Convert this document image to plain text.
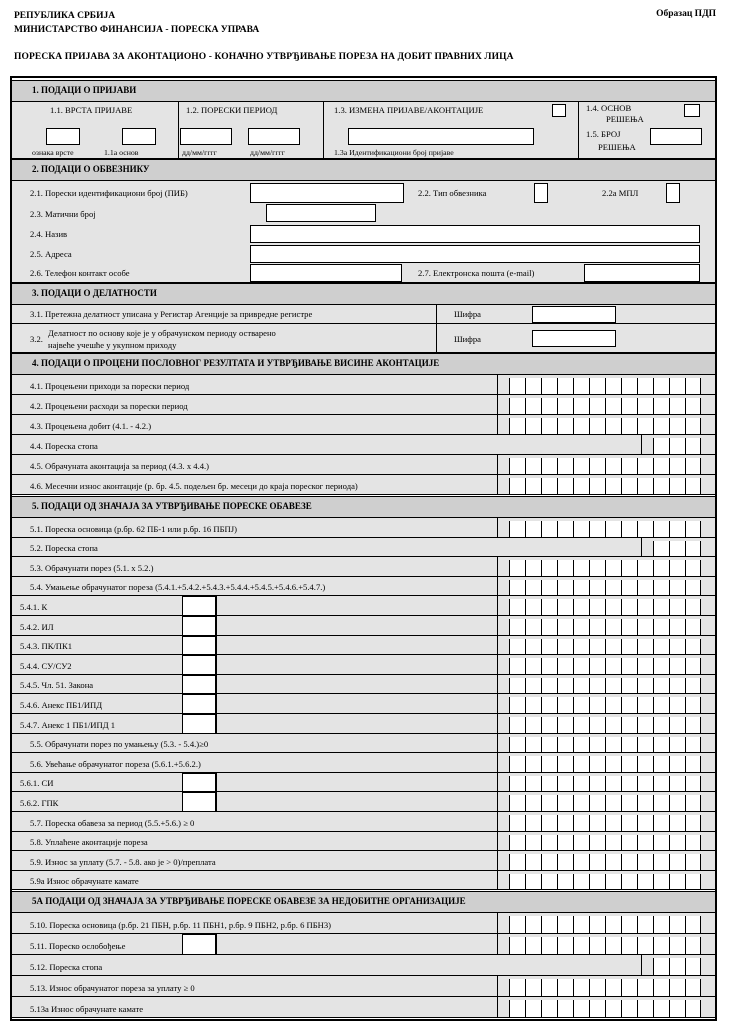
РЕПУБЛИКА СРБИЈА
МИНИСТАРСТВО ФИНАНСИЈА - ПОРЕСКА УПРАВА
Образац ПДП
ПОРЕСКА ПРИЈАВА ЗА АКОНТАЦИОНО - КОНАЧНО УТВРЂИВАЊЕ ПОРЕЗА НА ДОБИТ ПРАВНИХ ЛИЦА
1. ПОДАЦИ О ПРИЈАВИ
1.1. ВРСТА ПРИЈАВЕ	1.2. ПОРЕСКИ ПЕРИОД	1.3. ИЗМЕНА ПРИЈАВЕ/АКОНТАЦИЈЕ	1.4. ОСНОВ
РЕШЕЊА
1.5. БРОЈ
РЕШЕЊА
ознака врсте	1.1а основ	дд/мм/гггг	дд/мм/гггг	1.3а Идентификациони број пријаве
2. ПОДАЦИ О ОБВЕЗНИКУ
2.1. Порески идентификациони број (ПИБ)	2.2. Тип обвезника	2.2а МПЛ
2.3. Матични број
2.4. Назив
2.5. Адреса
2.6. Телефон контакт особе	2.7. Електронска пошта (e-mail)
3. ПОДАЦИ О ДЕЛАТНОСТИ
3.1. Претежна делатност уписана у Регистар Агенције за привредне регистре	Шифра
3.2.
Делатност по основу које је у обрачунском периоду остварено
највеће учешће у укупном приходу
Шифра
4. ПОДАЦИ О ПРОЦЕНИ ПОСЛОВНОГ РЕЗУЛТАТА И УТВРЂИВАЊЕ ВИСИНЕ АКОНТАЦИЈЕ
4.1. Процењени приходи за порески период
4.2. Процењени расходи за порески период
4.3. Процењена добит (4.1. - 4.2.)
4.4. Пореска стопа
4.5. Обрачуната аконтација за период (4.3. х 4.4.)
4.6. Месечни износ аконтације (р. бр. 4.5. подељен бр. месеци до краја пореског периода)
5. ПОДАЦИ ОД ЗНАЧАЈА ЗА УТВРЂИВАЊЕ ПОРЕСКЕ ОБАВЕЗЕ
5.1. Пореска основица (р.бр. 62 ПБ-1 или р.бр. 16 ПБПЈ)
5.2. Пореска стопа
5.3. Обрачунати порез (5.1. х 5.2.)
5.4. Умањење обрачунатог пореза (5.4.1.+5.4.2.+5.4.3.+5.4.4.+5.4.5.+5.4.6.+5.4.7.)
5.4.1. К
5.4.2. ИЛ
5.4.3. ПК/ПК1
5.4.4. СУ/СУ2
5.4.5. Чл. 51. Закона
5.4.6. Анекс ПБ1/ИПД
5.4.7. Анекс 1 ПБ1/ИПД 1
5.5. Обрачунати порез по умањењу (5.3. - 5.4.)≥0
5.6. Увећање обрачунатог пореза (5.6.1.+5.6.2.)
5.6.1. СИ
5.6.2. ГПК
5.7. Пореска обавеза за период (5.5.+5.6.) ≥ 0
5.8. Уплаћене аконтације пореза
5.9. Износ за уплату (5.7. - 5.8. ако је > 0)/преплата
5.9а Износ обрачунате камате
5А ПОДАЦИ ОД ЗНАЧАЈА ЗА УТВРЂИВАЊЕ ПОРЕСКЕ ОБАВЕЗЕ ЗА НЕДОБИТНЕ ОРГАНИЗАЦИЈЕ
5.10. Пореска основица (р.бр. 21 ПБН, р.бр. 11 ПБН1, р.бр. 9 ПБН2, р.бр. 6 ПБН3)
5.11. Пореско ослобођење
5.12. Пореска стопа
5.13. Износ обрачунатог пореза за уплату ≥ 0
5.13а Износ обрачунате камате
